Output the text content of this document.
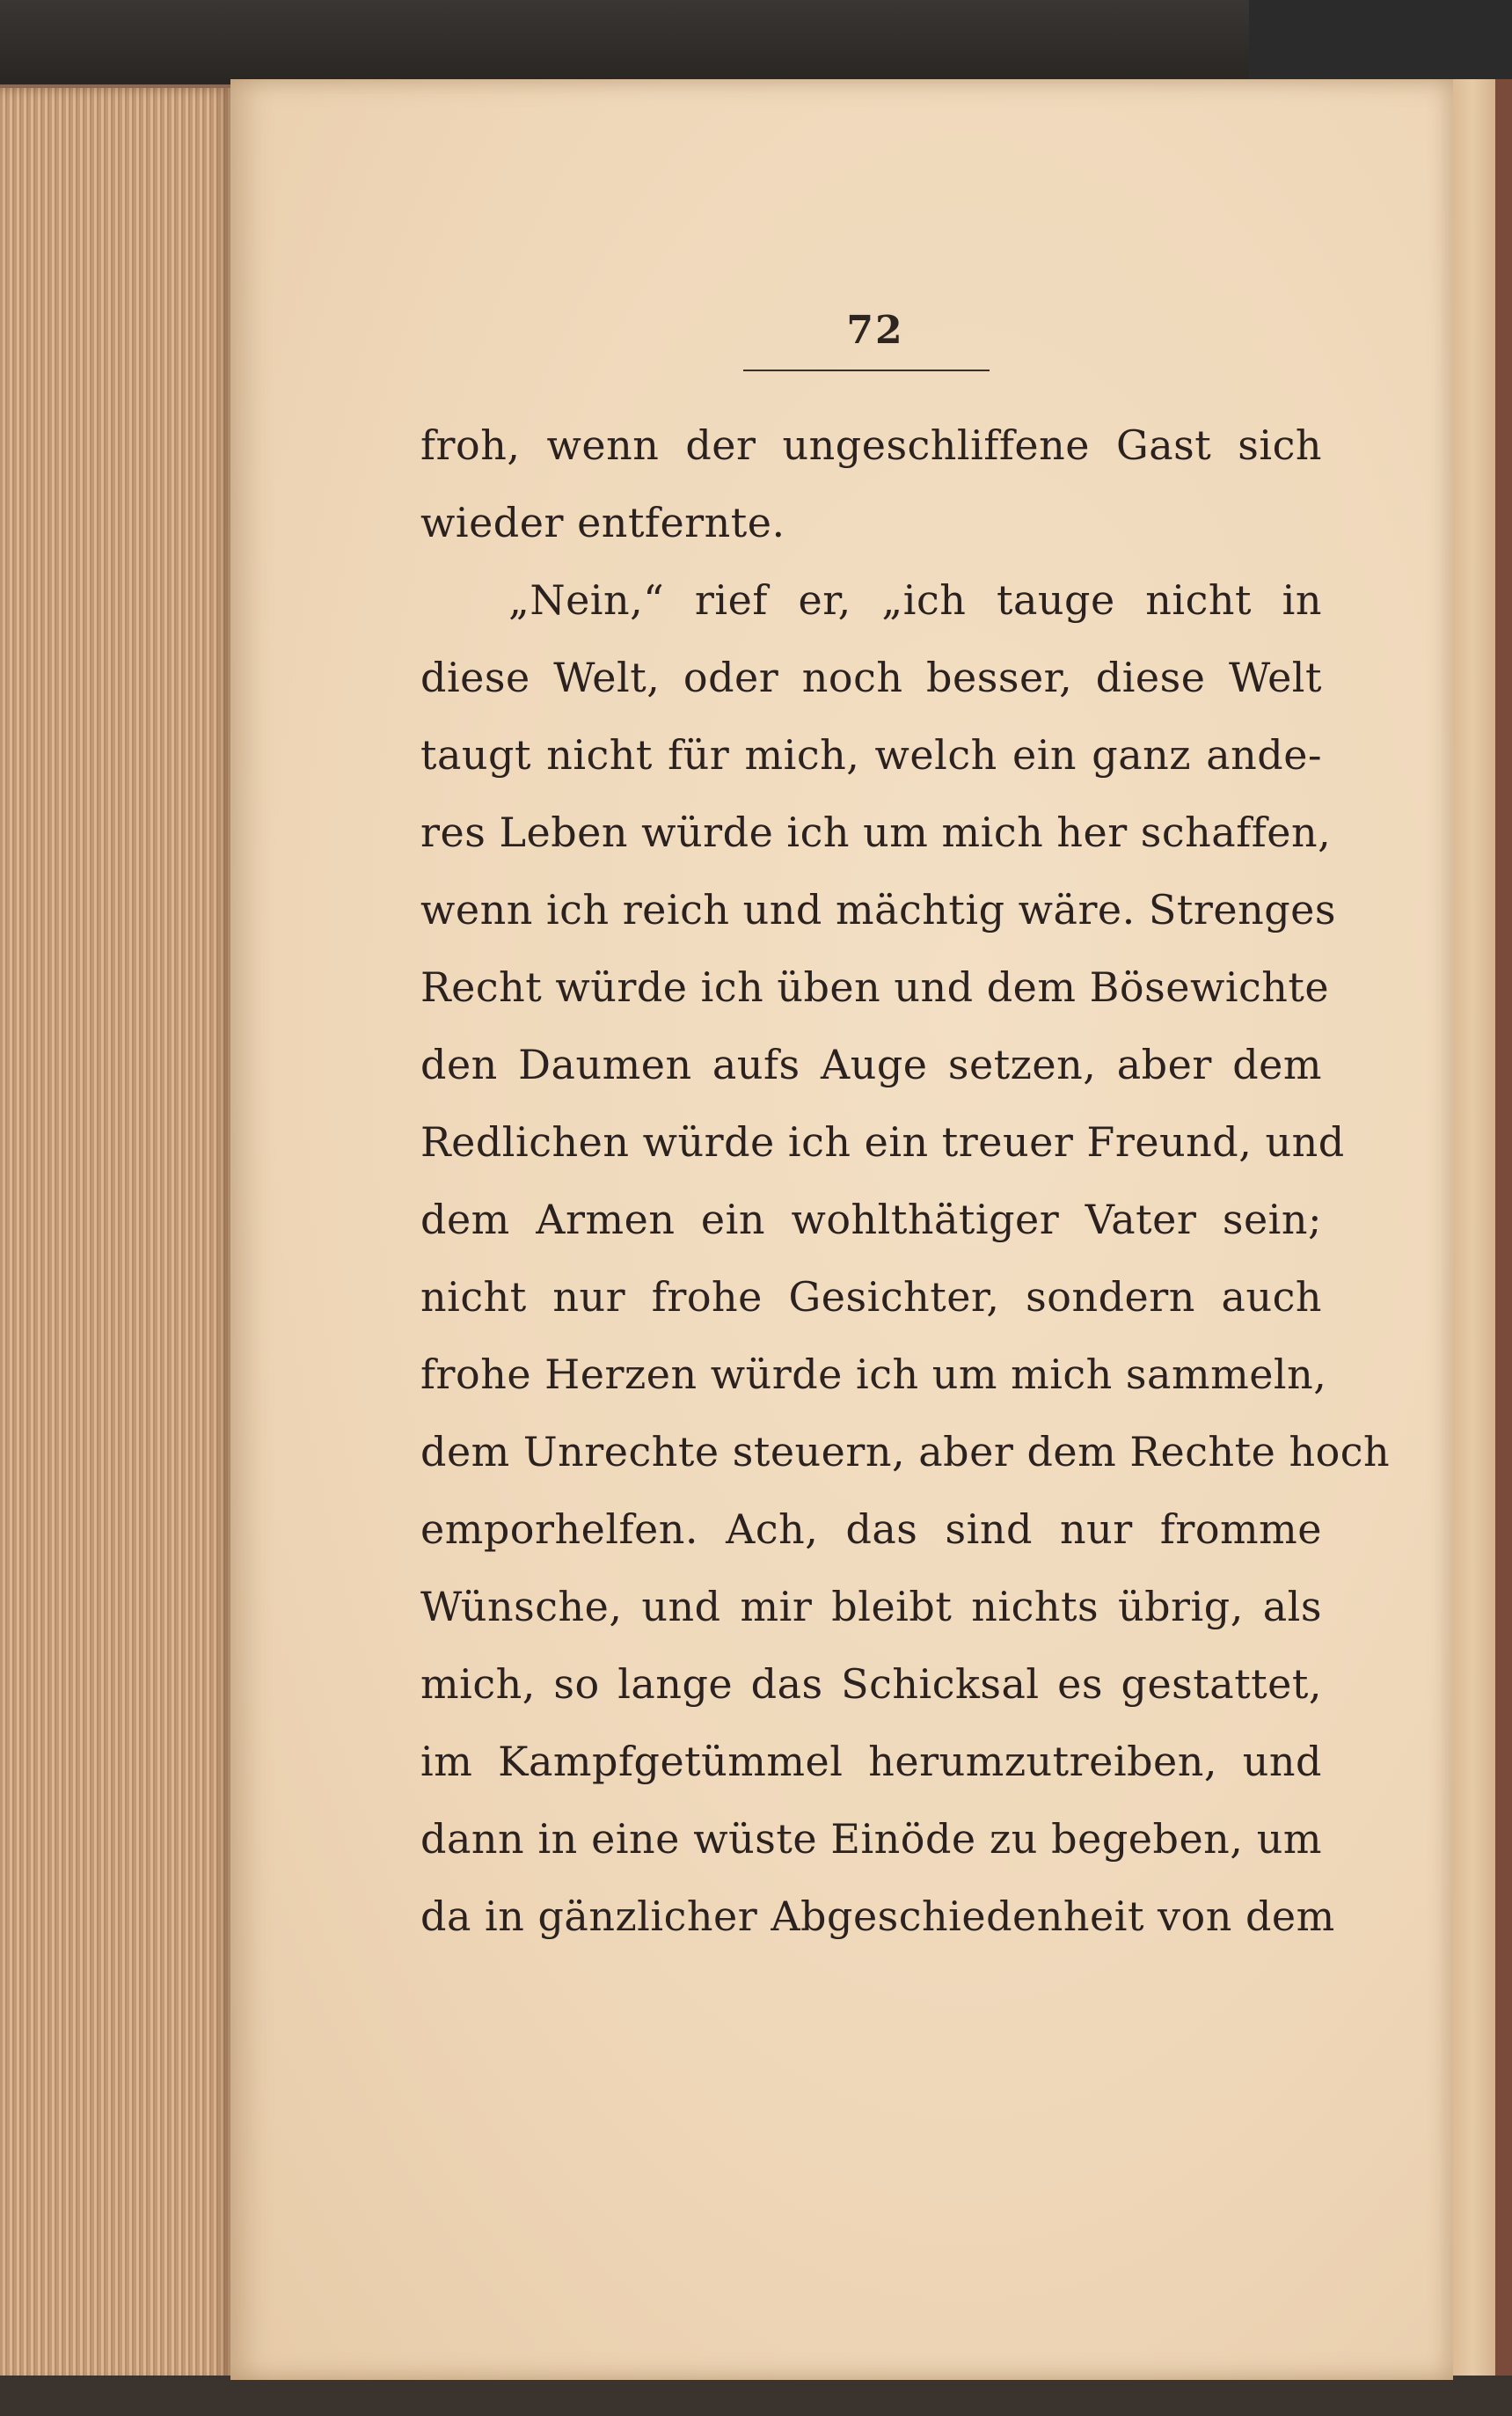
72
froh, wenn der ungeschliffene Gast sich
wieder entfernte.
„Nein,“ rief er, „ich tauge nicht in
diese Welt, oder noch besser, diese Welt
taugt nicht für mich, welch ein ganz ande-
res Leben würde ich um mich her schaffen,
wenn ich reich und mächtig wäre. Strenges
Recht würde ich üben und dem Bösewichte
den Daumen aufs Auge setzen, aber dem
Redlichen würde ich ein treuer Freund, und
dem Armen ein wohlthätiger Vater sein;
nicht nur frohe Gesichter, sondern auch
frohe Herzen würde ich um mich sammeln,
dem Unrechte steuern, aber dem Rechte hoch
emporhelfen. Ach, das sind nur fromme
Wünsche, und mir bleibt nichts übrig, als
mich, so lange das Schicksal es gestattet,
im Kampfgetümmel herumzutreiben, und
dann in eine wüste Einöde zu begeben, um
da in gänzlicher Abgeschiedenheit von dem
